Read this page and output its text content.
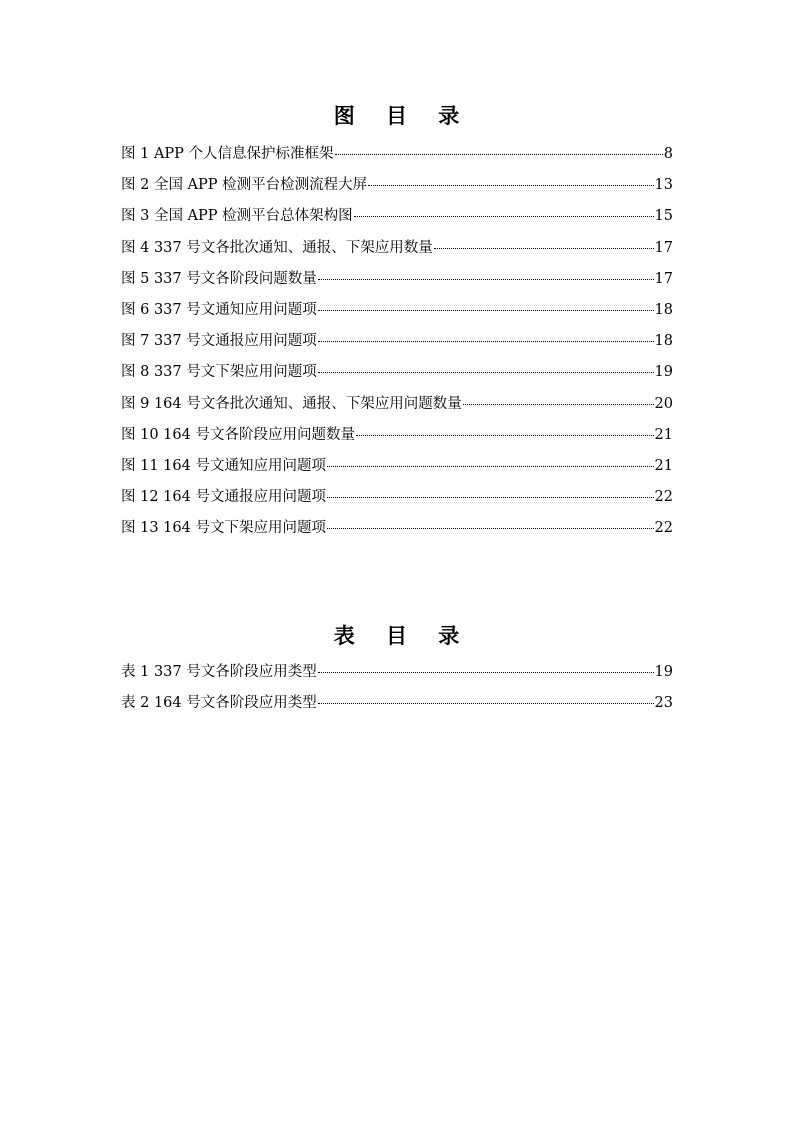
图 目 录
图 1 APP 个人信息保护标准框架	8
图 2 全国 APP 检测平台检测流程大屏	13
图 3 全国 APP 检测平台总体架构图	15
图 4 337 号文各批次通知、通报、下架应用数量	17
图 5 337 号文各阶段问题数量	17
图 6 337 号文通知应用问题项	18
图 7 337 号文通报应用问题项	18
图 8 337 号文下架应用问题项	19
图 9 164 号文各批次通知、通报、下架应用问题数量	20
图 10 164 号文各阶段应用问题数量	21
图 11 164 号文通知应用问题项	21
图 12 164 号文通报应用问题项	22
图 13 164 号文下架应用问题项	22
表 目 录
表 1 337 号文各阶段应用类型	19
表 2 164 号文各阶段应用类型	23
